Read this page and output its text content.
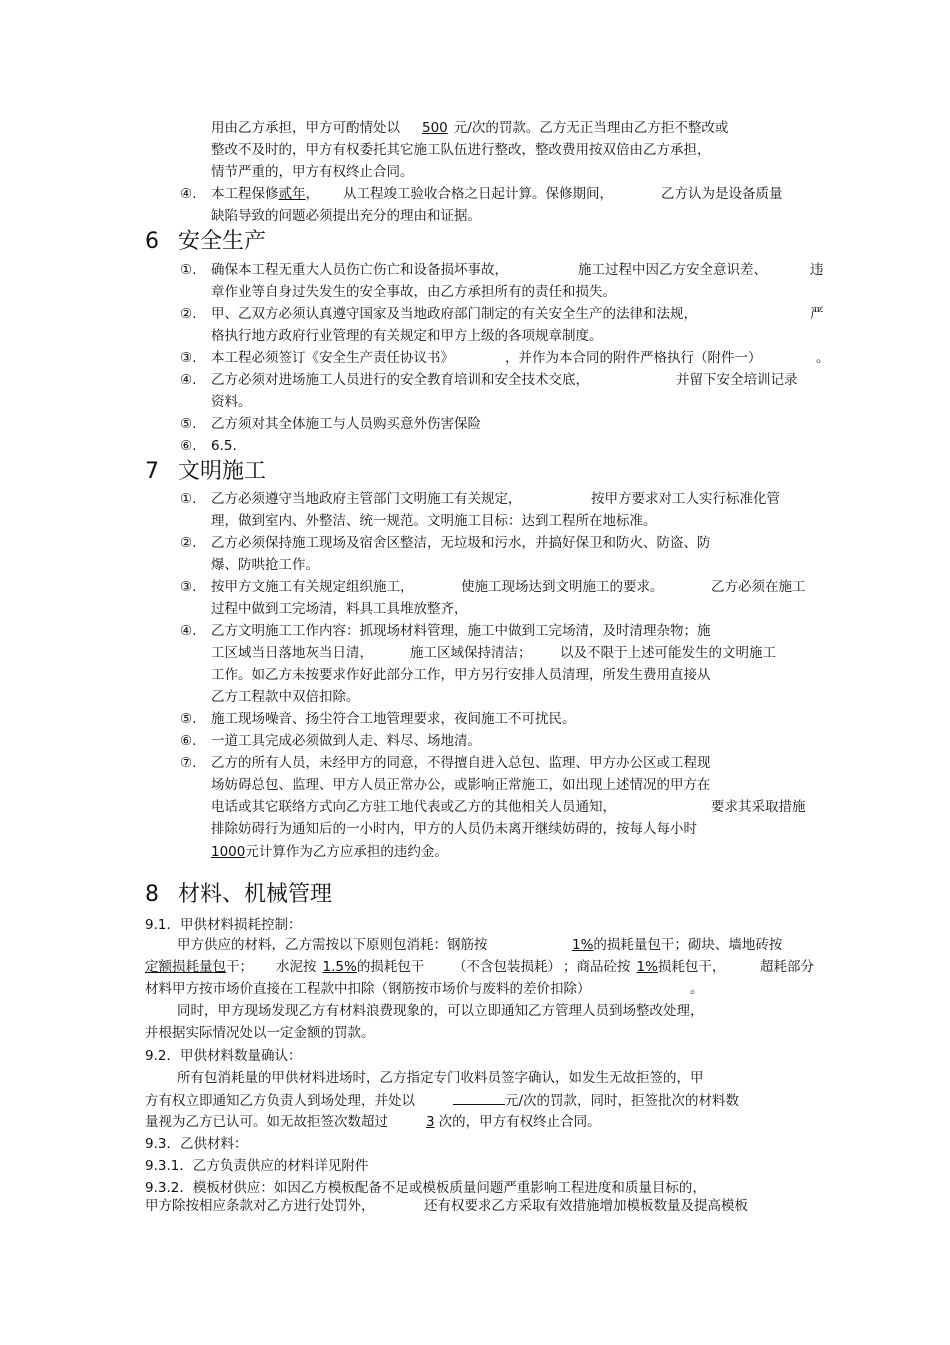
用由乙方承担，甲方可酌情处以 500 元/次的罚款。乙方无正当理由乙方拒不整改或
整改不及时的，甲方有权委托其它施工队伍进行整改，整改费用按双倍由乙方承担，
情节严重的，甲方有权终止合同。
④. 本工程保修贰年， 从工程竣工验收合格之日起计算。保修期间，	乙方认为是设备质量
缺陷导致的问题必须提出充分的理由和证据。
6 安全生产
①. 确保本工程无重大人员伤亡伤亡和设备损坏事故，	施工过程中因乙方安全意识差、	违
章作业等自身过失发生的安全事故，由乙方承担所有的责任和损失。
②. 甲、乙双方必须认真遵守国家及当地政府部门制定的有关安全生产的法律和法规，	严
格执行地方政府行业管理的有关规定和甲方上级的各项规章制度。
③. 本工程必须签订《安全生产责任协议书》	，并作为本合同的附件严格执行（附件一）	。
④. 乙方必须对进场施工人员进行的安全教育培训和安全技术交底，	并留下安全培训记录
资料。
⑤. 乙方须对其全体施工与人员购买意外伤害保险
⑥. 6.5.
7 文明施工
①. 乙方必须遵守当地政府主管部门文明施工有关规定，	按甲方要求对工人实行标准化管
理，做到室内、外整洁、统一规范。文明施工目标：达到工程所在地标准。
②. 乙方必须保持施工现场及宿舍区整洁，无垃圾和污水，并搞好保卫和防火、防盗、防
爆、防哄抢工作。
③. 按甲方文施工有关规定组织施工，	使施工现场达到文明施工的要求。	乙方必须在施工
过程中做到工完场清，料具工具堆放整齐，
④. 乙方文明施工工作内容：抓现场材料管理，施工中做到工完场清，及时清理杂物；施
工区域当日落地灰当日清，	施工区域保持清洁； 以及不限于上述可能发生的文明施工
工作。如乙方未按要求作好此部分工作，甲方另行安排人员清理，所发生费用直接从
乙方工程款中双倍扣除。
⑤. 施工现场噪音、扬尘符合工地管理要求，夜间施工不可扰民。
⑥. 一道工具完成必须做到人走、料尽、场地清。
⑦. 乙方的所有人员，未经甲方的同意，不得擅自进入总包、监理、甲方办公区或工程现
场妨碍总包、监理、甲方人员正常办公，或影响正常施工，如出现上述情况的甲方在
电话或其它联络方式向乙方驻工地代表或乙方的其他相关人员通知，	要求其采取措施
排除妨碍行为通知后的一小时内，甲方的人员仍未离开继续妨碍的，按每人每小时
1000元计算作为乙方应承担的违约金。
8 材料、机械管理
9.1．甲供材料损耗控制：
甲方供应的材料，乙方需按以下原则包消耗：钢筋按	1%的损耗量包干；砌块、墙地砖按
定额损耗量包干； 水泥按 1.5%的损耗包干 （不含包装损耗） ；商品砼按 1%损耗包干，	超耗部分
材料甲方按市场价直接在工程款中扣除（钢筋按市场价与废料的差价扣除）	。
同时，甲方现场发现乙方有材料浪费现象的，可以立即通知乙方管理人员到场整改处理，
并根据实际情况处以一定金额的罚款。
9.2．甲供材料数量确认：
所有包消耗量的甲供材料进场时，乙方指定专门收料员签字确认，如发生无故拒签的，甲
方有权立即通知乙方负责人到场处理，并处以	元/次的罚款，同时，拒签批次的材料数
量视为乙方已认可。如无故拒签次数超过	3 次的，甲方有权终止合同。
9.3．乙供材料：
9.3.1．乙方负责供应的材料详见附件
9.3.2．模板材供应：如因乙方模板配备不足或模板质量问题严重影响工程进度和质量目标的，
甲方除按相应条款对乙方进行处罚外，	还有权要求乙方采取有效措施增加模板数量及提高模板
